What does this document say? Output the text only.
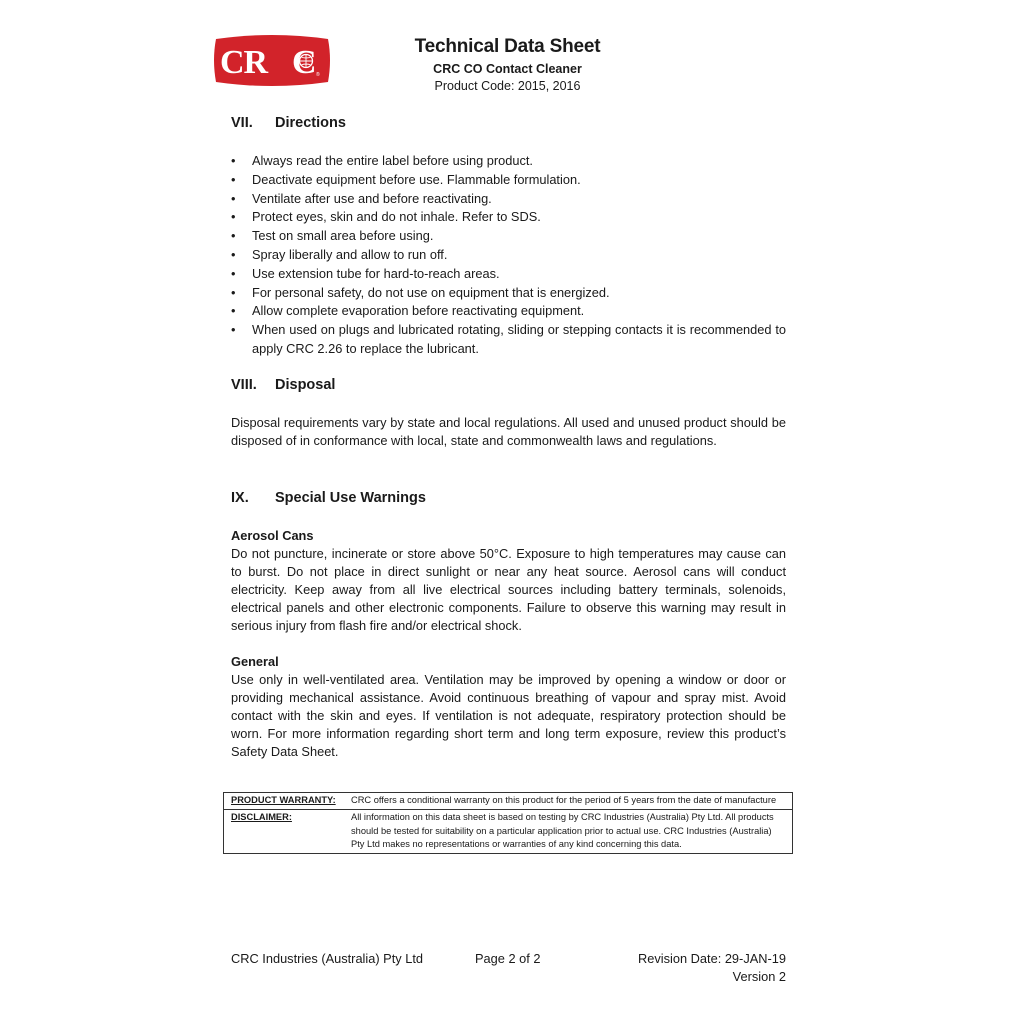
CR C ®
Technical Data Sheet
CRC CO Contact Cleaner
Product Code: 2015, 2016
VII. Directions
•	Always read the entire label before using product.
•	Deactivate equipment before use. Flammable formulation.
•	Ventilate after use and before reactivating.
•	Protect eyes, skin and do not inhale. Refer to SDS.
•	Test on small area before using.
•	Spray liberally and allow to run off.
•	Use extension tube for hard-to-reach areas.
•	For personal safety, do not use on equipment that is energized.
•	Allow complete evaporation before reactivating equipment.
•	When used on plugs and lubricated rotating, sliding or stepping contacts it is recommended to apply CRC 2.26 to replace the lubricant.
VIII. Disposal
Disposal requirements vary by state and local regulations. All used and unused product should be disposed of in conformance with local, state and commonwealth laws and regulations.
IX. Special Use Warnings
Aerosol Cans
Do not puncture, incinerate or store above 50°C. Exposure to high temperatures may cause can to burst. Do not place in direct sunlight or near any heat source. Aerosol cans will conduct electricity. Keep away from all live electrical sources including battery terminals, solenoids, electrical panels and other electronic components. Failure to observe this warning may result in serious injury from flash fire and/or electrical shock.
General
Use only in well-ventilated area. Ventilation may be improved by opening a window or door or providing mechanical assistance. Avoid continuous breathing of vapour and spray mist. Avoid contact with the skin and eyes. If ventilation is not adequate, respiratory protection should be worn. For more information regarding short term and long term exposure, review this product’s Safety Data Sheet.
PRODUCT WARRANTY:	CRC offers a conditional warranty on this product for the period of 5 years from the date of manufacture
DISCLAIMER:	All information on this data sheet is based on testing by CRC Industries (Australia) Pty Ltd. All products should be tested for suitability on a particular application prior to actual use. CRC Industries (Australia) Pty Ltd makes no representations or warranties of any kind concerning this data.
CRC Industries (Australia) Pty Ltd	Page 2 of 2	Revision Date: 29-JAN-19
Version 2
